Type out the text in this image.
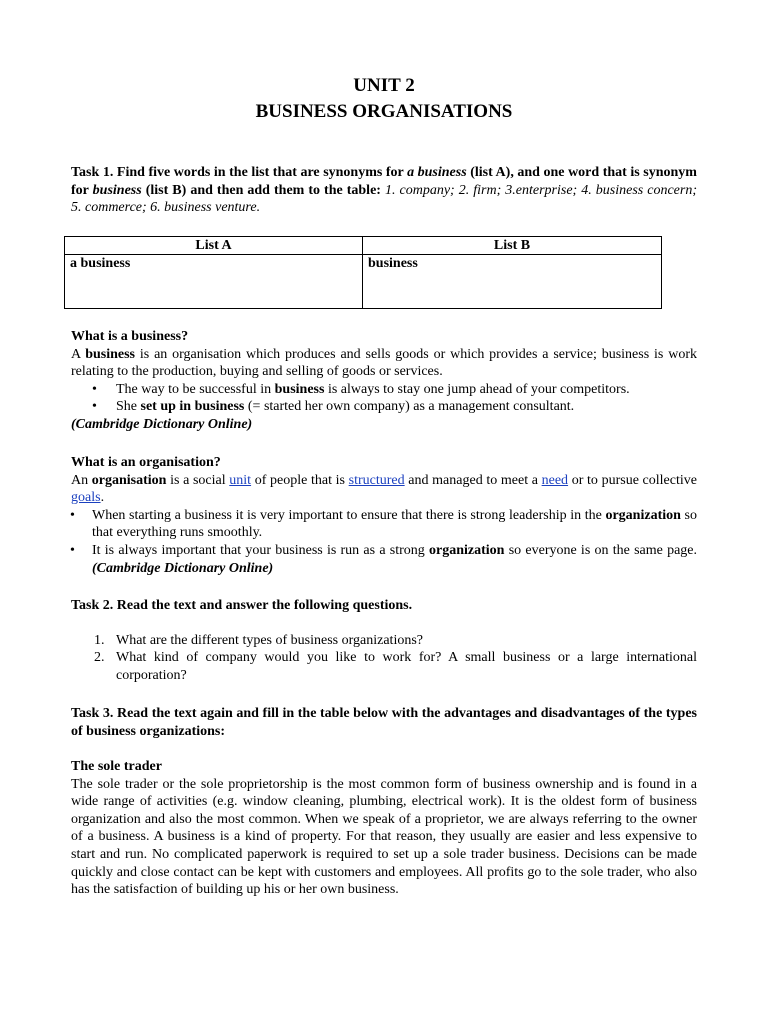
UNIT 2
BUSINESS ORGANISATIONS
Task 1. Find five words in the list that are synonyms for a business (list A), and one word that is synonym for business (list B) and then add them to the table: 1. company; 2. firm; 3.enterprise; 4. business concern; 5. commerce; 6. business venture.
List A	List B
a business	business
What is a business?
A business is an organisation which produces and sells goods or which provides a service; business is work relating to the production, buying and selling of goods or services.
• The way to be successful in business is always to stay one jump ahead of your competitors.
• She set up in business (= started her own company) as a management consultant.
(Cambridge Dictionary Online)
What is an organisation?
An organisation is a social unit of people that is structured and managed to meet a need or to pursue collective goals.
• When starting a business it is very important to ensure that there is strong leadership in the organization so that everything runs smoothly.
• It is always important that your business is run as a strong organization so everyone is on the same page. (Cambridge Dictionary Online)
Task 2. Read the text and answer the following questions.
1. What are the different types of business organizations?
2. What kind of company would you like to work for? A small business or a large international corporation?
Task 3. Read the text again and fill in the table below with the advantages and disadvantages of the types of business organizations:
The sole trader
The sole trader or the sole proprietorship is the most common form of business ownership and is found in a wide range of activities (e.g. window cleaning, plumbing, electrical work). It is the oldest form of business organization and also the most common. When we speak of a proprietor, we are always referring to the owner of a business. A business is a kind of property. For that reason, they usually are easier and less expensive to start and run. No complicated paperwork is required to set up a sole trader business. Decisions can be made quickly and close contact can be kept with customers and employees. All profits go to the sole trader, who also has the satisfaction of building up his or her own business.
